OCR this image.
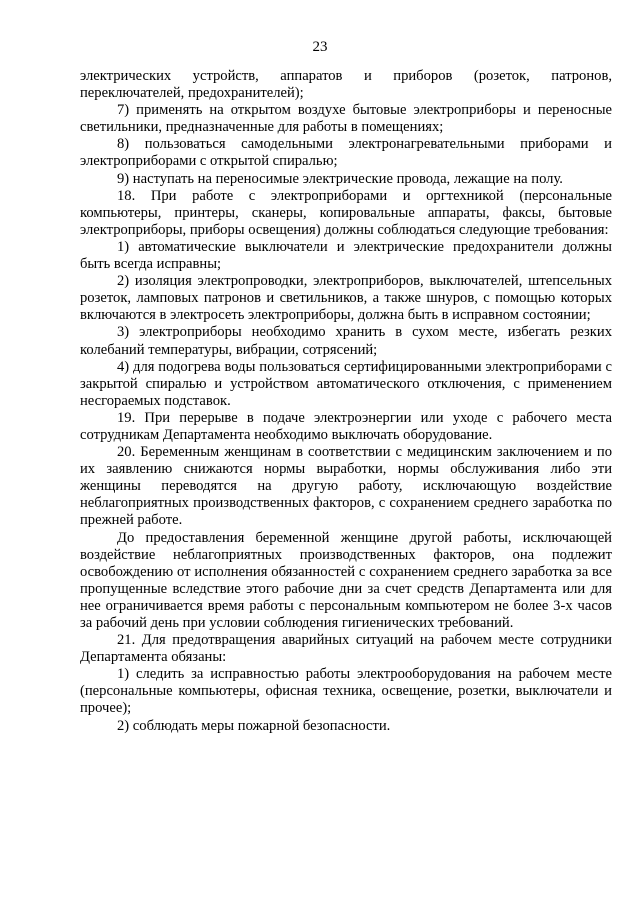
23

электрических устройств, аппаратов и приборов (розеток, патронов, переключателей, предохранителей);

7) применять на открытом воздухе бытовые электроприборы и переносные светильники, предназначенные для работы в помещениях;

8) пользоваться самодельными электронагревательными приборами и электроприборами с открытой спиралью;

9) наступать на переносимые электрические провода, лежащие на полу.

18. При работе с электроприборами и оргтехникой (персональные компьютеры, принтеры, сканеры, копировальные аппараты, факсы, бытовые электроприборы, приборы освещения) должны соблюдаться следующие требования:

1) автоматические выключатели и электрические предохранители должны быть всегда исправны;

2) изоляция электропроводки, электроприборов, выключателей, штепсельных розеток, ламповых патронов и светильников, а также шнуров, с помощью которых включаются в электросеть электроприборы, должна быть в исправном состоянии;

3) электроприборы необходимо хранить в сухом месте, избегать резких колебаний температуры, вибрации, сотрясений;

4) для подогрева воды пользоваться сертифицированными электроприборами с закрытой спиралью и устройством автоматического отключения, с применением несгораемых подставок.

19. При перерыве в подаче электроэнергии или уходе с рабочего места сотрудникам Департамента необходимо выключать оборудование.

20. Беременным женщинам в соответствии с медицинским заключением и по их заявлению снижаются нормы выработки, нормы обслуживания либо эти женщины переводятся на другую работу, исключающую воздействие неблагоприятных производственных факторов, с сохранением среднего заработка по прежней работе.

До предоставления беременной женщине другой работы, исключающей воздействие неблагоприятных производственных факторов, она подлежит освобождению от исполнения обязанностей с сохранением среднего заработка за все пропущенные вследствие этого рабочие дни за счет средств Департамента или для нее ограничивается время работы с персональным компьютером не более 3-х часов за рабочий день при условии соблюдения гигиенических требований.

21. Для предотвращения аварийных ситуаций на рабочем месте сотрудники Департамента обязаны:

1) следить за исправностью работы электрооборудования на рабочем месте (персональные компьютеры, офисная техника, освещение, розетки, выключатели и прочее);

2) соблюдать меры пожарной безопасности.
